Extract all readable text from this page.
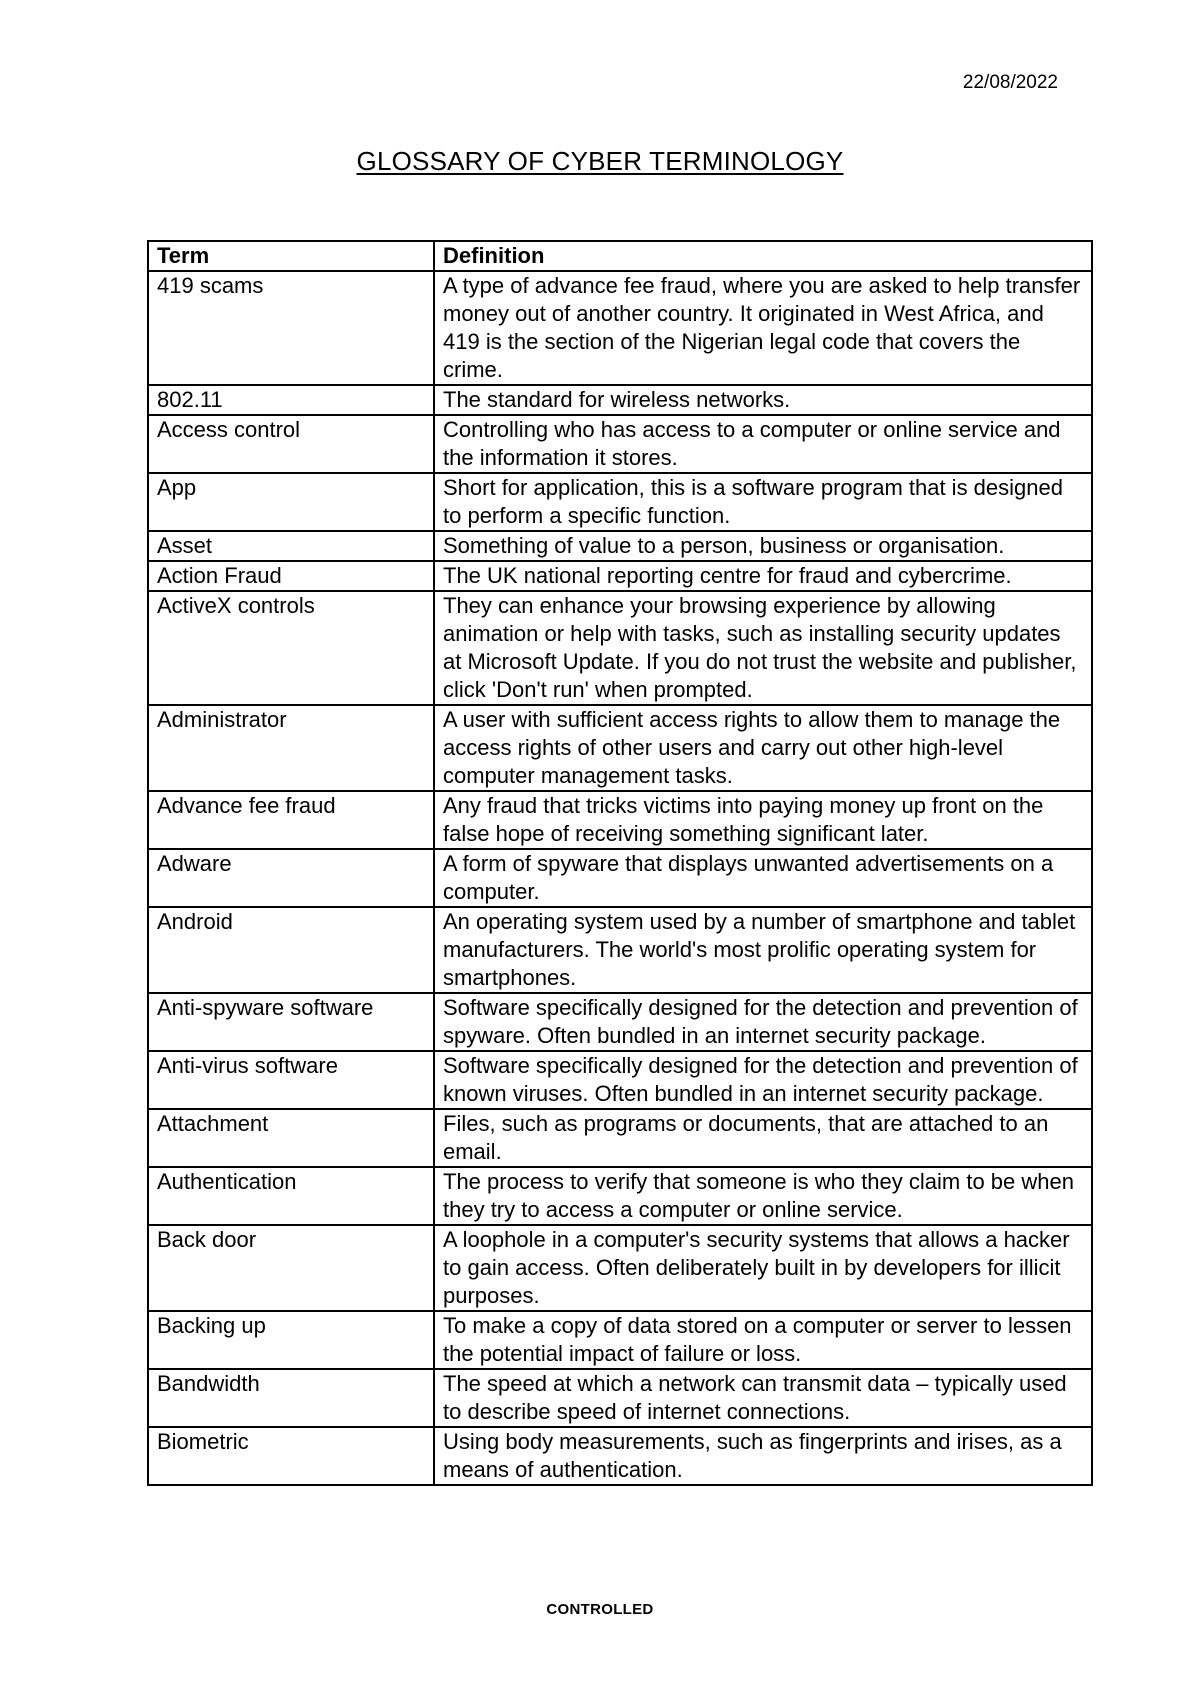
22/08/2022
GLOSSARY OF CYBER TERMINOLOGY
Term	Definition
419 scams	A type of advance fee fraud, where you are asked to help transfer money out of another country. It originated in West Africa, and 419 is the section of the Nigerian legal code that covers the crime.
802.11	The standard for wireless networks.
Access control	Controlling who has access to a computer or online service and the information it stores.
App	Short for application, this is a software program that is designed to perform a specific function.
Asset	Something of value to a person, business or organisation.
Action Fraud	The UK national reporting centre for fraud and cybercrime.
ActiveX controls	They can enhance your browsing experience by allowing animation or help with tasks, such as installing security updates at Microsoft Update. If you do not trust the website and publisher, click 'Don't run' when prompted.
Administrator	A user with sufficient access rights to allow them to manage the access rights of other users and carry out other high-level computer management tasks.
Advance fee fraud	Any fraud that tricks victims into paying money up front on the false hope of receiving something significant later.
Adware	A form of spyware that displays unwanted advertisements on a computer.
Android	An operating system used by a number of smartphone and tablet manufacturers. The world's most prolific operating system for smartphones.
Anti-spyware software	Software specifically designed for the detection and prevention of spyware. Often bundled in an internet security package.
Anti-virus software	Software specifically designed for the detection and prevention of known viruses. Often bundled in an internet security package.
Attachment	Files, such as programs or documents, that are attached to an email.
Authentication	The process to verify that someone is who they claim to be when they try to access a computer or online service.
Back door	A loophole in a computer's security systems that allows a hacker to gain access. Often deliberately built in by developers for illicit purposes.
Backing up	To make a copy of data stored on a computer or server to lessen the potential impact of failure or loss.
Bandwidth	The speed at which a network can transmit data – typically used to describe speed of internet connections.
Biometric	Using body measurements, such as fingerprints and irises, as a means of authentication.
CONTROLLED
